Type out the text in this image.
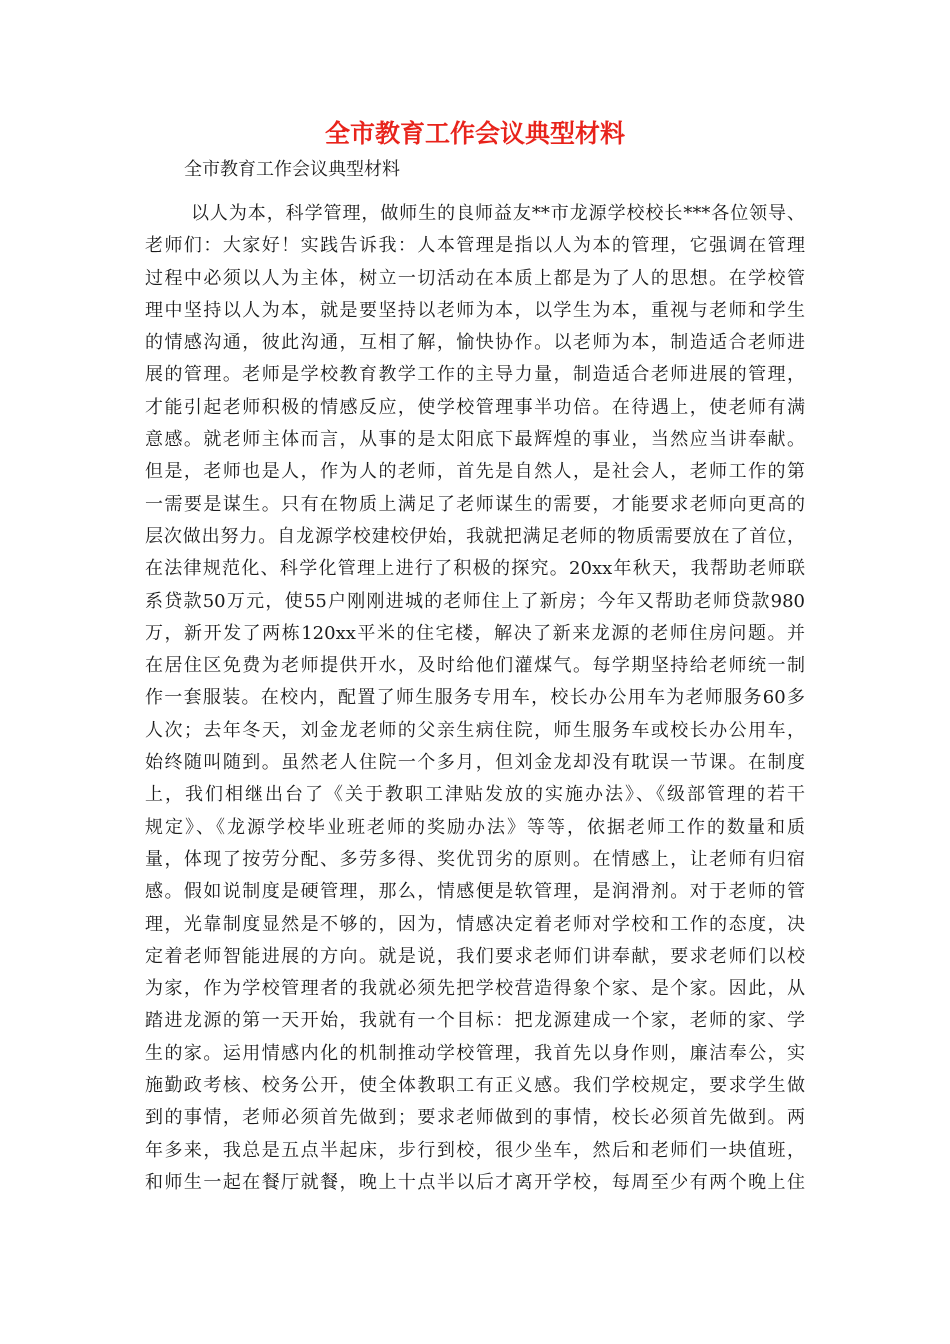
全市教育工作会议典型材料

全市教育工作会议典型材料

以人为本，科学管理，做师生的良师益友**市龙源学校校长***各位领导、
老师们：大家好！实践告诉我：人本管理是指以人为本的管理，它强调在管理
过程中必须以人为主体，树立一切活动在本质上都是为了人的思想。在学校管
理中坚持以人为本，就是要坚持以老师为本，以学生为本，重视与老师和学生
的情感沟通，彼此沟通，互相了解，愉快协作。以老师为本，制造适合老师进
展的管理。老师是学校教育教学工作的主导力量，制造适合老师进展的管理，
才能引起老师积极的情感反应，使学校管理事半功倍。在待遇上，使老师有满
意感。就老师主体而言，从事的是太阳底下最辉煌的事业，当然应当讲奉献。
但是，老师也是人，作为人的老师，首先是自然人，是社会人，老师工作的第
一需要是谋生。只有在物质上满足了老师谋生的需要，才能要求老师向更高的
层次做出努力。自龙源学校建校伊始，我就把满足老师的物质需要放在了首位，
在法律规范化、科学化管理上进行了积极的探究。20xx年秋天，我帮助老师联
系贷款50万元，使55户刚刚进城的老师住上了新房；今年又帮助老师贷款980
万，新开发了两栋120xx平米的住宅楼，解决了新来龙源的老师住房问题。并
在居住区免费为老师提供开水，及时给他们灌煤气。每学期坚持给老师统一制
作一套服装。在校内，配置了师生服务专用车，校长办公用车为老师服务60多
人次；去年冬天，刘金龙老师的父亲生病住院，师生服务车或校长办公用车，
始终随叫随到。虽然老人住院一个多月，但刘金龙却没有耽误一节课。在制度
上，我们相继出台了《关于教职工津贴发放的实施办法》、《级部管理的若干
规定》、《龙源学校毕业班老师的奖励办法》等等，依据老师工作的数量和质
量，体现了按劳分配、多劳多得、奖优罚劣的原则。在情感上，让老师有归宿
感。假如说制度是硬管理，那么，情感便是软管理，是润滑剂。对于老师的管
理，光靠制度显然是不够的，因为，情感决定着老师对学校和工作的态度，决
定着老师智能进展的方向。就是说，我们要求老师们讲奉献，要求老师们以校
为家，作为学校管理者的我就必须先把学校营造得象个家、是个家。因此，从
踏进龙源的第一天开始，我就有一个目标：把龙源建成一个家，老师的家、学
生的家。运用情感内化的机制推动学校管理，我首先以身作则，廉洁奉公，实
施勤政考核、校务公开，使全体教职工有正义感。我们学校规定，要求学生做
到的事情，老师必须首先做到；要求老师做到的事情，校长必须首先做到。两
年多来，我总是五点半起床，步行到校，很少坐车，然后和老师们一块值班，
和师生一起在餐厅就餐，晚上十点半以后才离开学校，每周至少有两个晚上住
